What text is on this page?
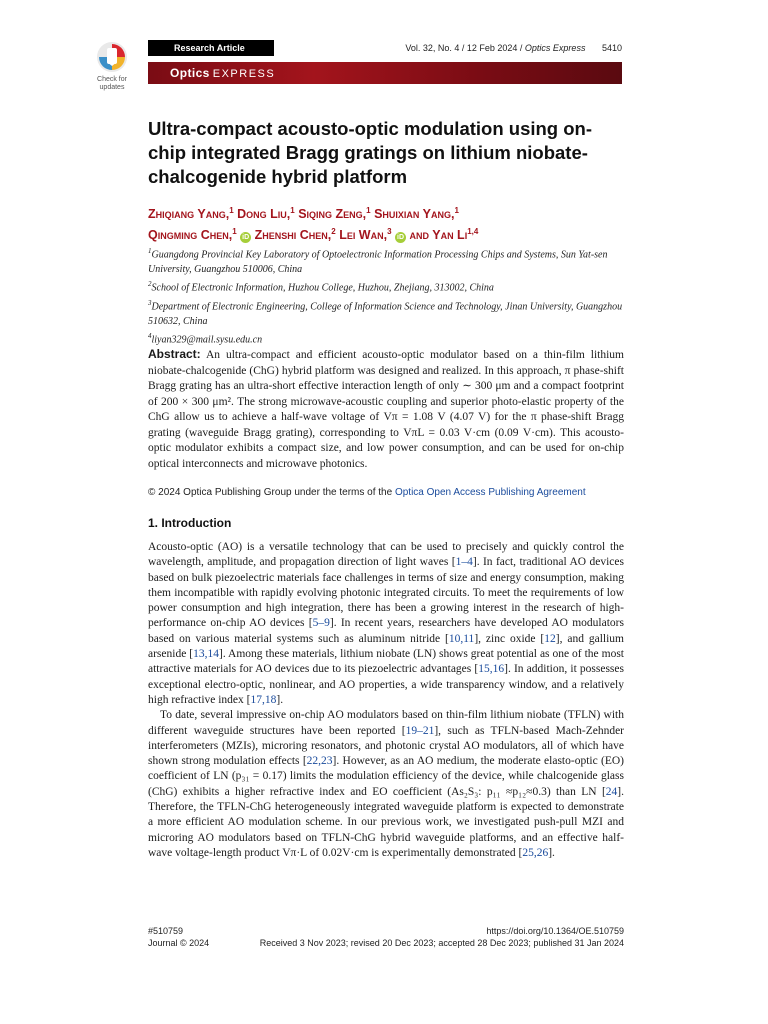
Check for
updates
Research Article	Vol. 32, No. 4 / 12 Feb 2024 / Optics Express 5410
Optics EXPRESS
Ultra-compact acousto-optic modulation using on-chip integrated Bragg gratings on lithium niobate-chalcogenide hybrid platform
Zhiqiang Yang,$^1$ Dong Liu,$^1$ Siqing Zeng,$^1$ Shuixian Yang,$^1$
Qingming Chen,$^1$ iD Zhenshi Chen,$^2$ Lei Wan,$^3$ iD and Yan Li$^{1,4}$
$^1$Guangdong Provincial Key Laboratory of Optoelectronic Information Processing Chips and Systems, Sun Yat-sen University, Guangzhou 510006, China
$^2$School of Electronic Information, Huzhou College, Huzhou, Zhejiang, 313002, China
$^3$Department of Electronic Engineering, College of Information Science and Technology, Jinan University, Guangzhou 510632, China
$^4$liyan329@mail.sysu.edu.cn
Abstract: An ultra-compact and efficient acousto-optic modulator based on a thin-film lithium niobate-chalcogenide (ChG) hybrid platform was designed and realized. In this approach, π phase-shift Bragg grating has an ultra-short effective interaction length of only ∼ 300 μm and a compact footprint of 200 × 300 μm². The strong microwave-acoustic coupling and superior photo-elastic property of the ChG allow us to achieve a half-wave voltage of Vπ = 1.08 V (4.07 V) for the π phase-shift Bragg grating (waveguide Bragg grating), corresponding to VπL = 0.03 V·cm (0.09 V·cm). This acousto-optic modulator exhibits a compact size, and low power consumption, and can be used for on-chip optical interconnects and microwave photonics.
© 2024 Optica Publishing Group under the terms of the Optica Open Access Publishing Agreement
1. Introduction

Acousto-optic (AO) is a versatile technology that can be used to precisely and quickly control the wavelength, amplitude, and propagation direction of light waves [1–4]. In fact, traditional AO devices based on bulk piezoelectric materials face challenges in terms of size and energy consumption, making them incompatible with rapidly evolving photonic integrated circuits. To meet the requirements of low power consumption and high integration, there has been a growing interest in the research of high-performance on-chip AO devices [5–9]. In recent years, researchers have developed AO modulators based on various material systems such as aluminum nitride [10,11], zinc oxide [12], and gallium arsenide [13,14]. Among these materials, lithium niobate (LN) shows great potential as one of the most attractive materials for AO devices due to its piezoelectric advantages [15,16]. In addition, it possesses exceptional electro-optic, nonlinear, and AO properties, a wide transparency window, and a relatively high refractive index [17,18].

To date, several impressive on-chip AO modulators based on thin-film lithium niobate (TFLN) with different waveguide structures have been reported [19–21], such as TFLN-based Mach-Zehnder interferometers (MZIs), microring resonators, and photonic crystal AO modulators, all of which have shown strong modulation effects [22,23]. However, as an AO medium, the moderate elasto-optic (EO) coefficient of LN (p₃₁ = 0.17) limits the modulation efficiency of the device, while chalcogenide glass (ChG) exhibits a higher refractive index and EO coefficient (As₂S₃: p₁₁ ≈p₁₂≈0.3) than LN [24]. Therefore, the TFLN-ChG heterogeneously integrated waveguide platform is expected to demonstrate a more efficient AO modulation scheme. In our previous work, we investigated push-pull MZI and microring AO modulators based on TFLN-ChG hybrid waveguide platforms, and an effective half-wave voltage-length product Vπ·L of 0.02V·cm is experimentally demonstrated [25,26].

#510759	https://doi.org/10.1364/OE.510759
Journal © 2024	Received 3 Nov 2023; revised 20 Dec 2023; accepted 28 Dec 2023; published 31 Jan 2024
